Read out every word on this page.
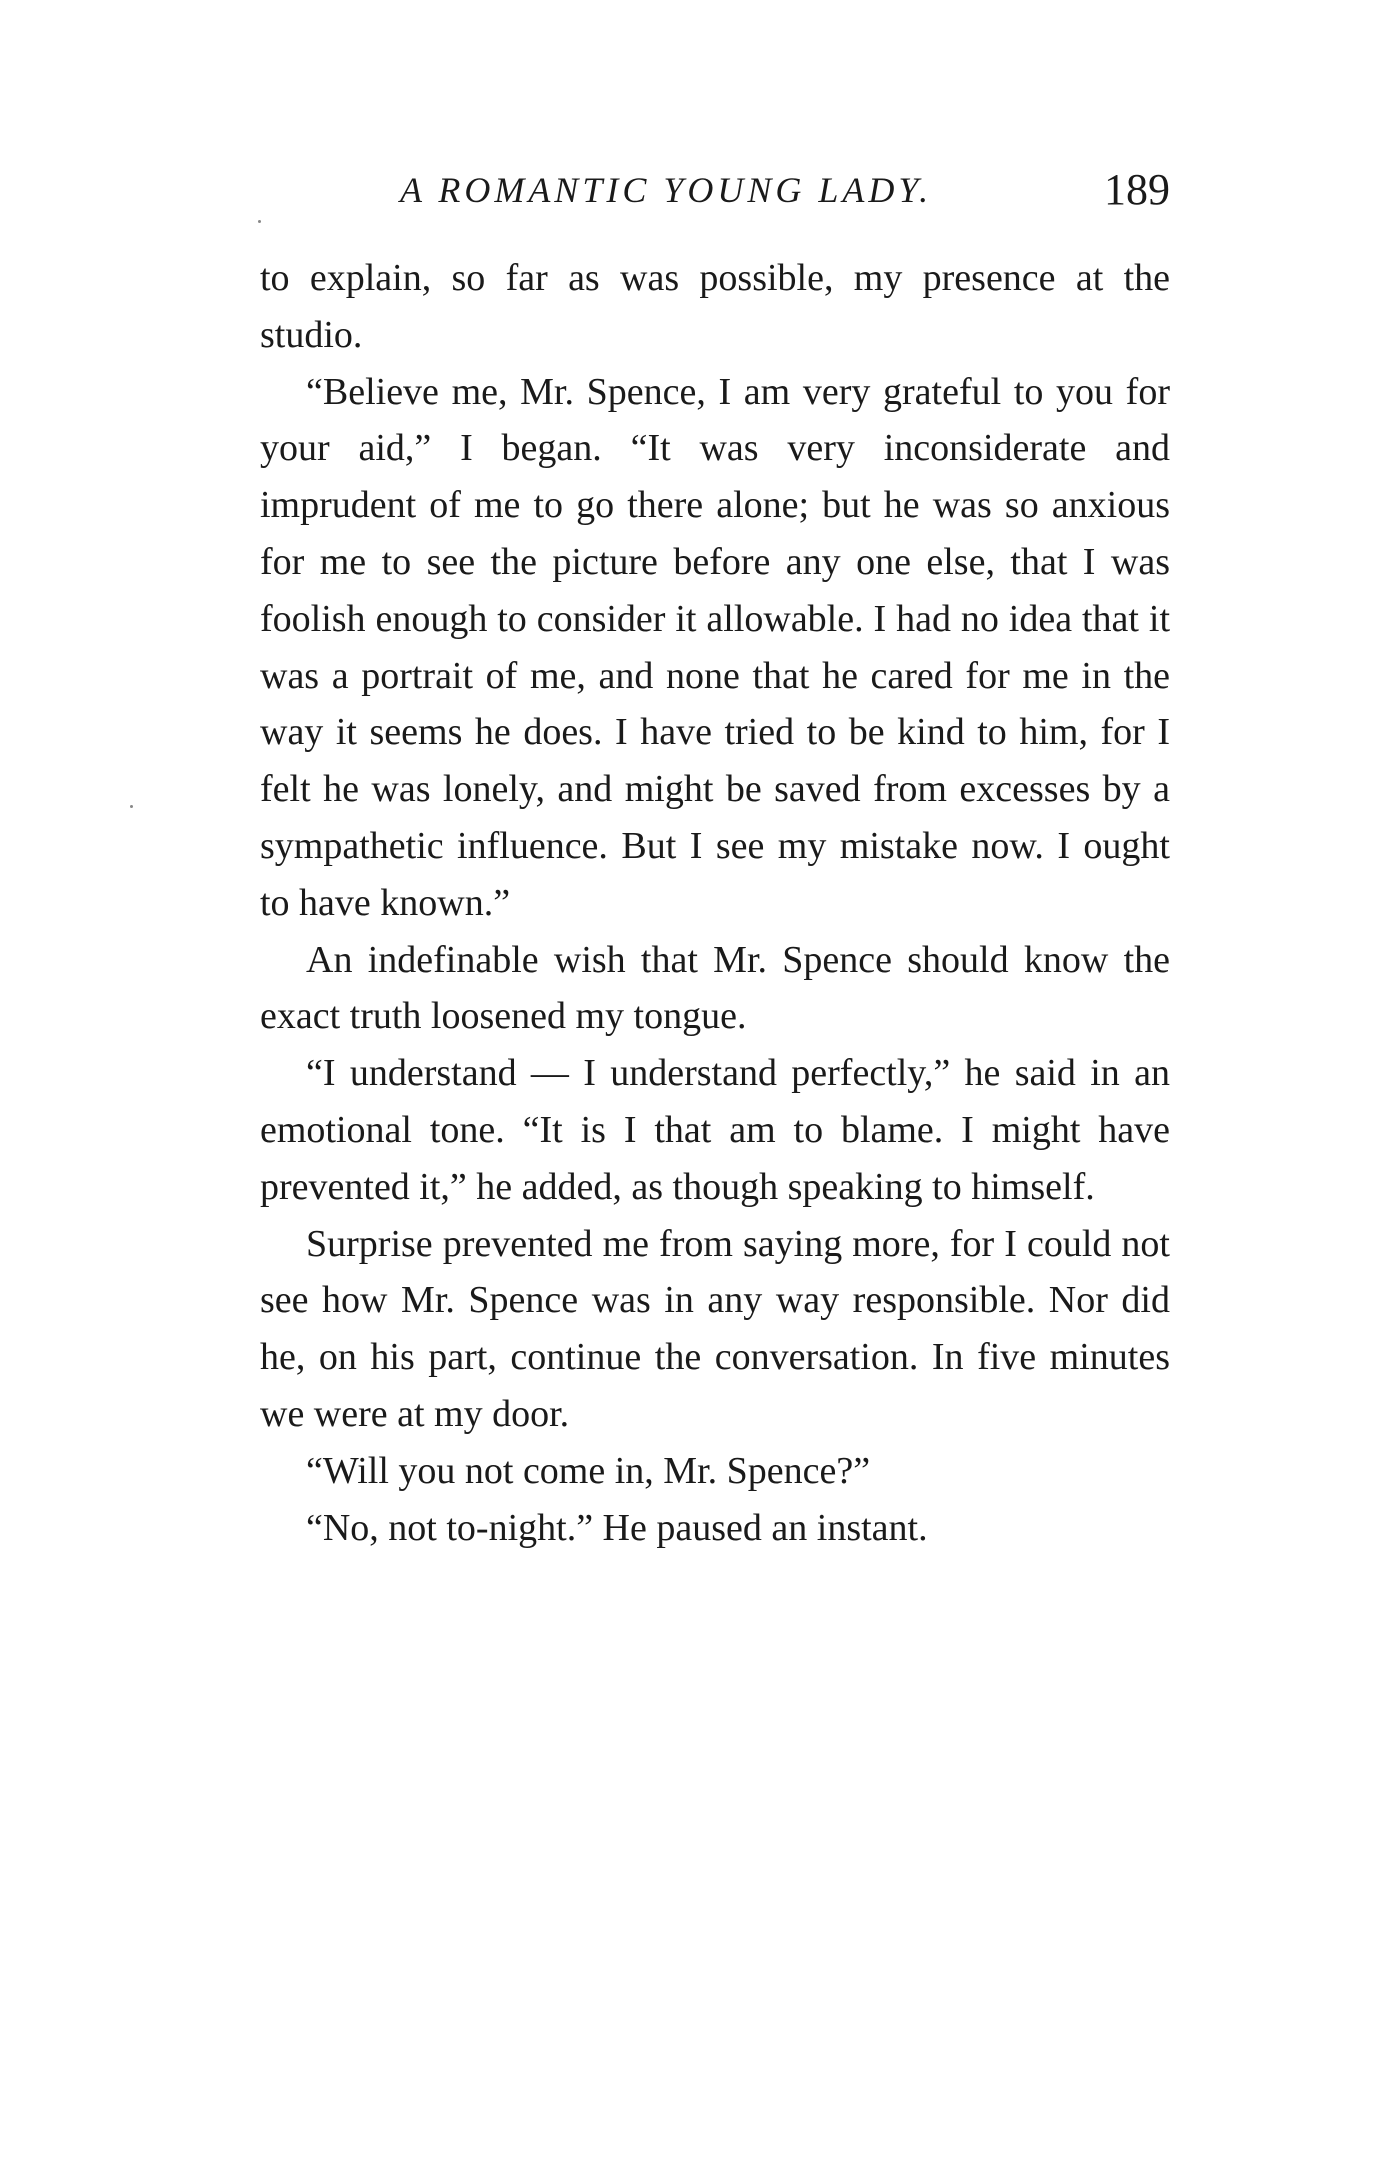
A ROMANTIC YOUNG LADY.	189

to explain, so far as was possible, my presence at the studio.

“Believe me, Mr. Spence, I am very grateful to you for your aid,” I began. “It was very inconsiderate and imprudent of me to go there alone; but he was so anxious for me to see the picture before any one else, that I was foolish enough to consider it allowable. I had no idea that it was a portrait of me, and none that he cared for me in the way it seems he does. I have tried to be kind to him, for I felt he was lonely, and might be saved from excesses by a sympathetic influence. But I see my mistake now. I ought to have known.”

An indefinable wish that Mr. Spence should know the exact truth loosened my tongue.

“I understand — I understand perfectly,” he said in an emotional tone. “It is I that am to blame. I might have prevented it,” he added, as though speaking to himself.

Surprise prevented me from saying more, for I could not see how Mr. Spence was in any way responsible. Nor did he, on his part, continue the conversation. In five minutes we were at my door.

“Will you not come in, Mr. Spence?”

“No, not to-night.” He paused an instant.
